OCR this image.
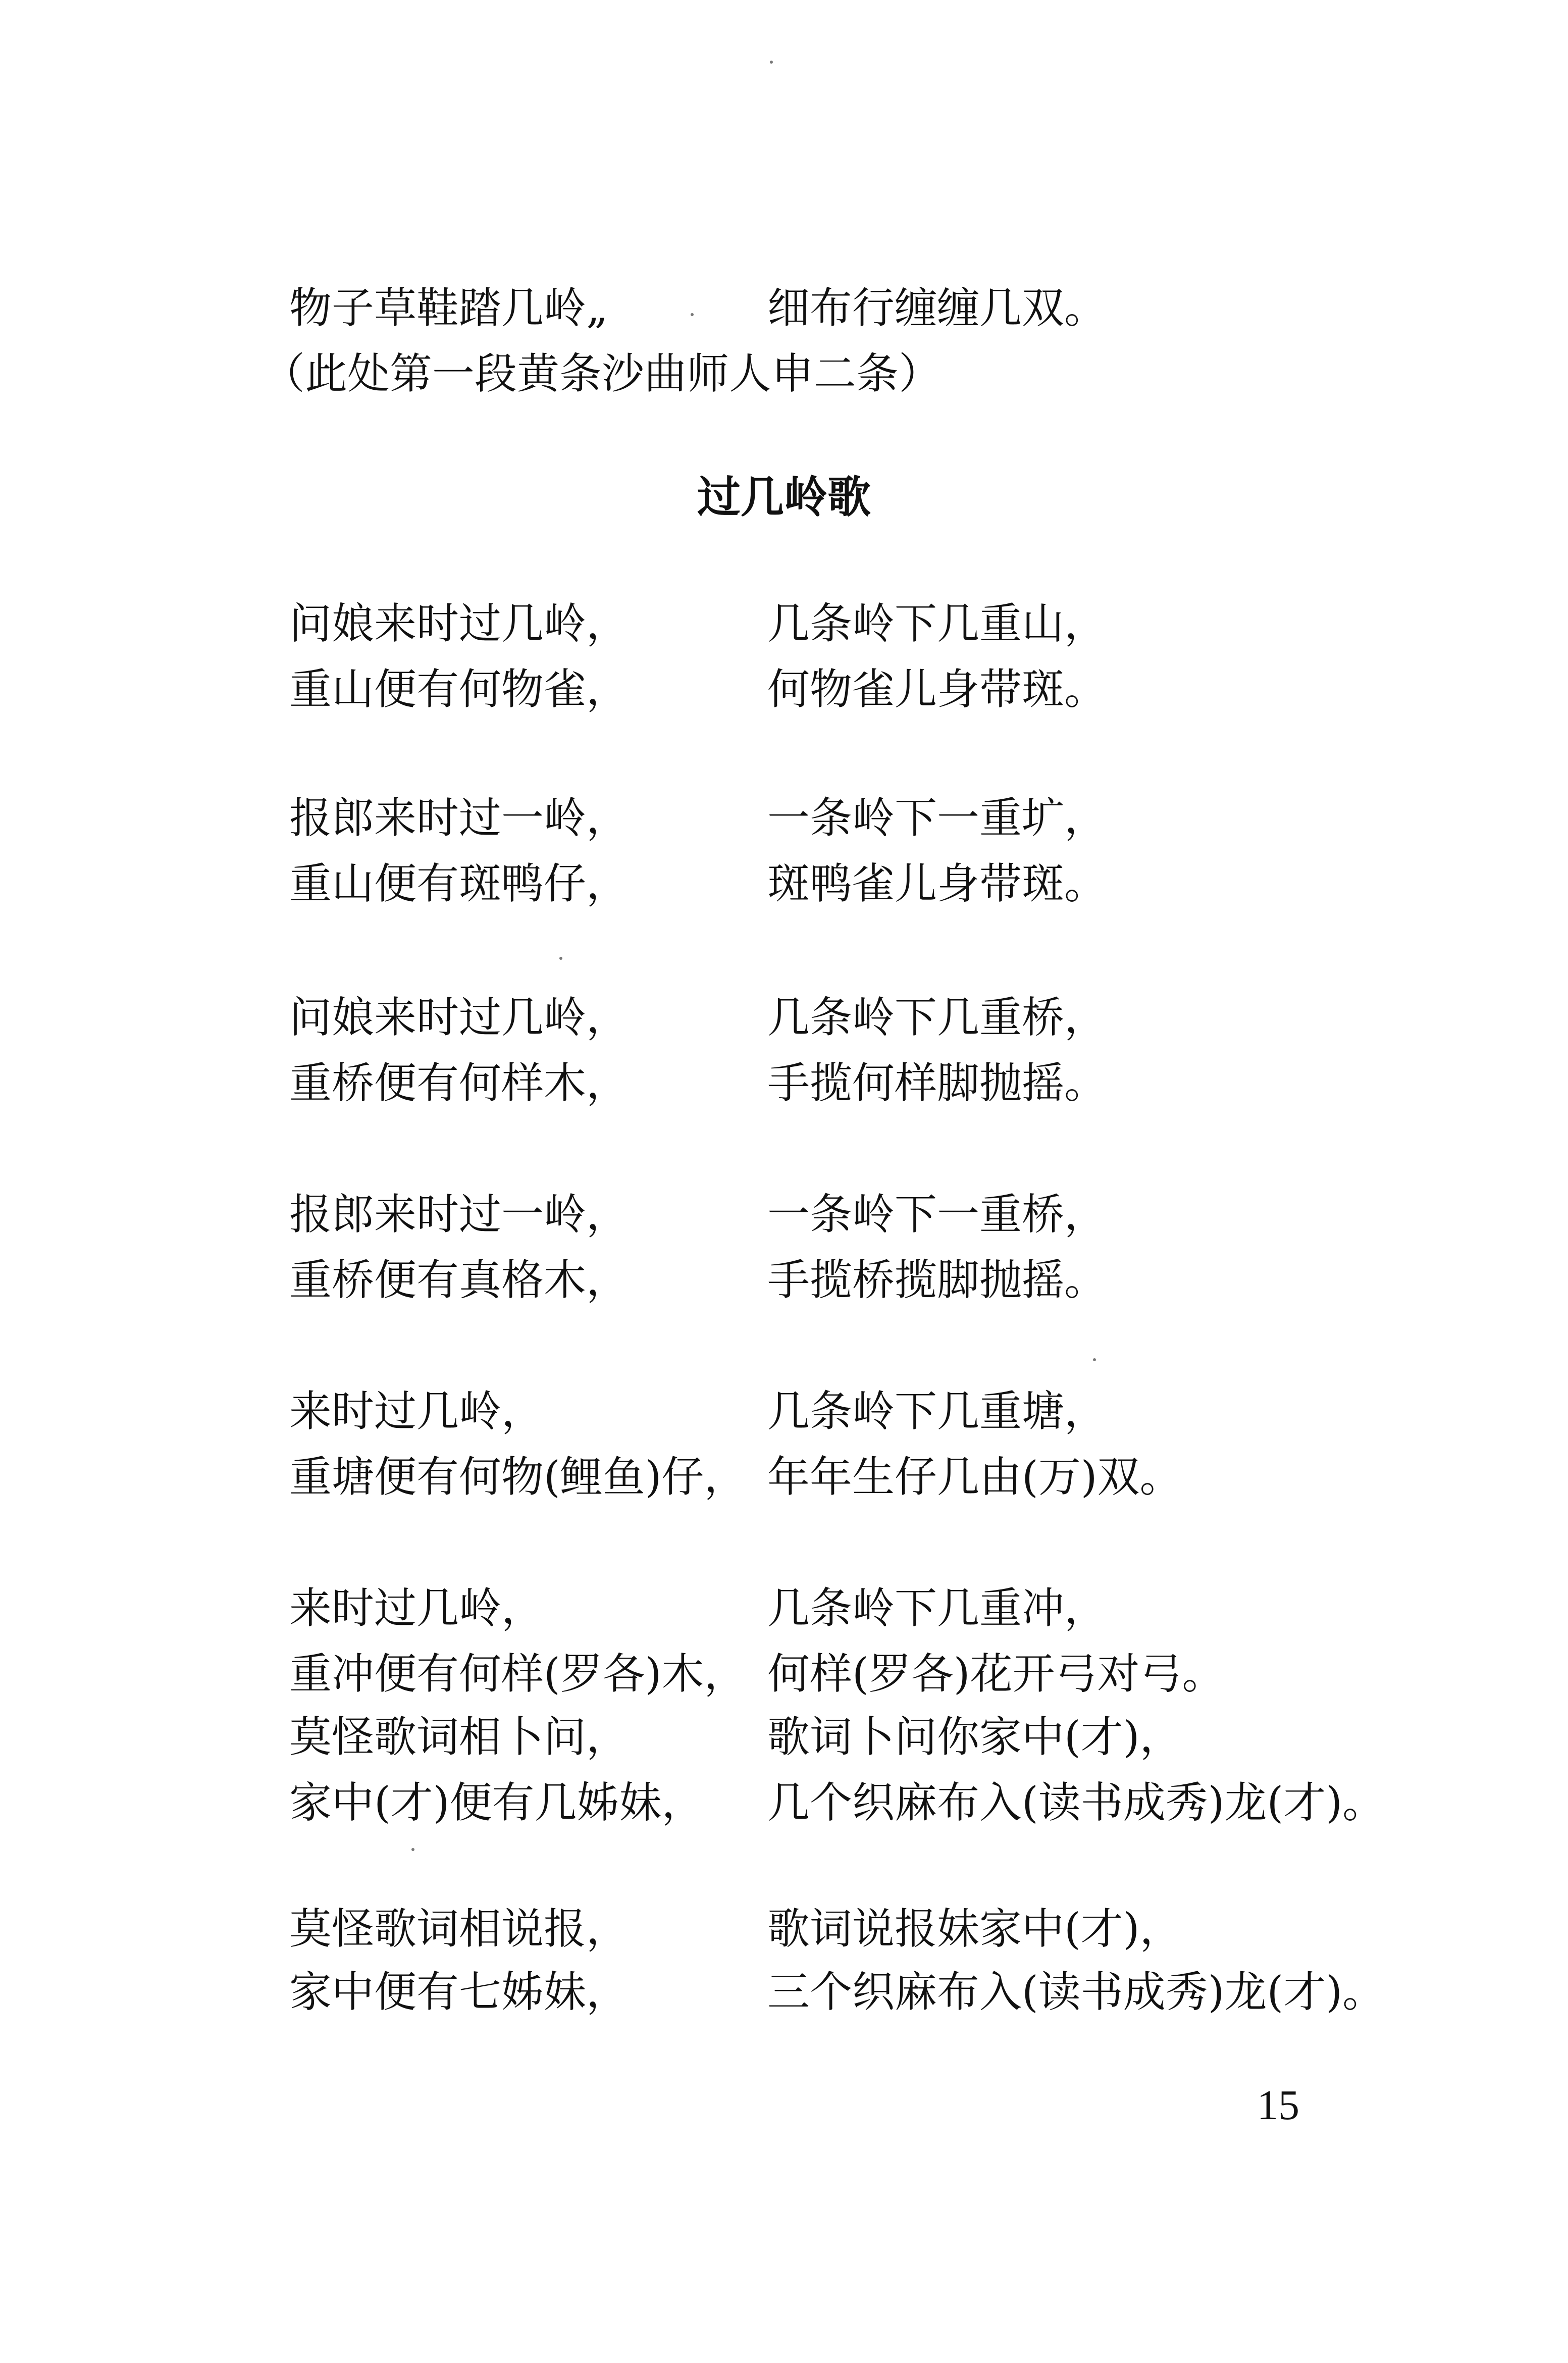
物子草鞋踏几岭„	细布行缠缠几双。
（此处第一段黄条沙曲师人申二条）
过几岭歌
问娘来时过几岭，	几条岭下几重山，
重山便有何物雀，	何物雀儿身带斑。
报郎来时过一岭，	一条岭下一重圹，
重山便有斑鸭仔，	斑鸭雀儿身带斑。
问娘来时过几岭，	几条岭下几重桥，
重桥便有何样木，	手揽何样脚抛摇。
报郎来时过一岭，	一条岭下一重桥，
重桥便有真格木，	手揽桥揽脚抛摇。
来时过几岭，	几条岭下几重塘，
重塘便有何物(鲤鱼)仔， 年年生仔几由(万)双。
来时过几岭，	几条岭下几重冲，
重冲便有何样(罗各)木， 何样(罗各)花开弓对弓。
莫怪歌词相卜问，	歌词卜问你家中(才)，
家中(才)便有几姊妹， 几个织麻布入(读书成秀)龙(才)。
莫怪歌词相说报，	歌词说报妹家中(才)，
家中便有七姊妹，	三个织麻布入(读书成秀)龙(才)。
15
